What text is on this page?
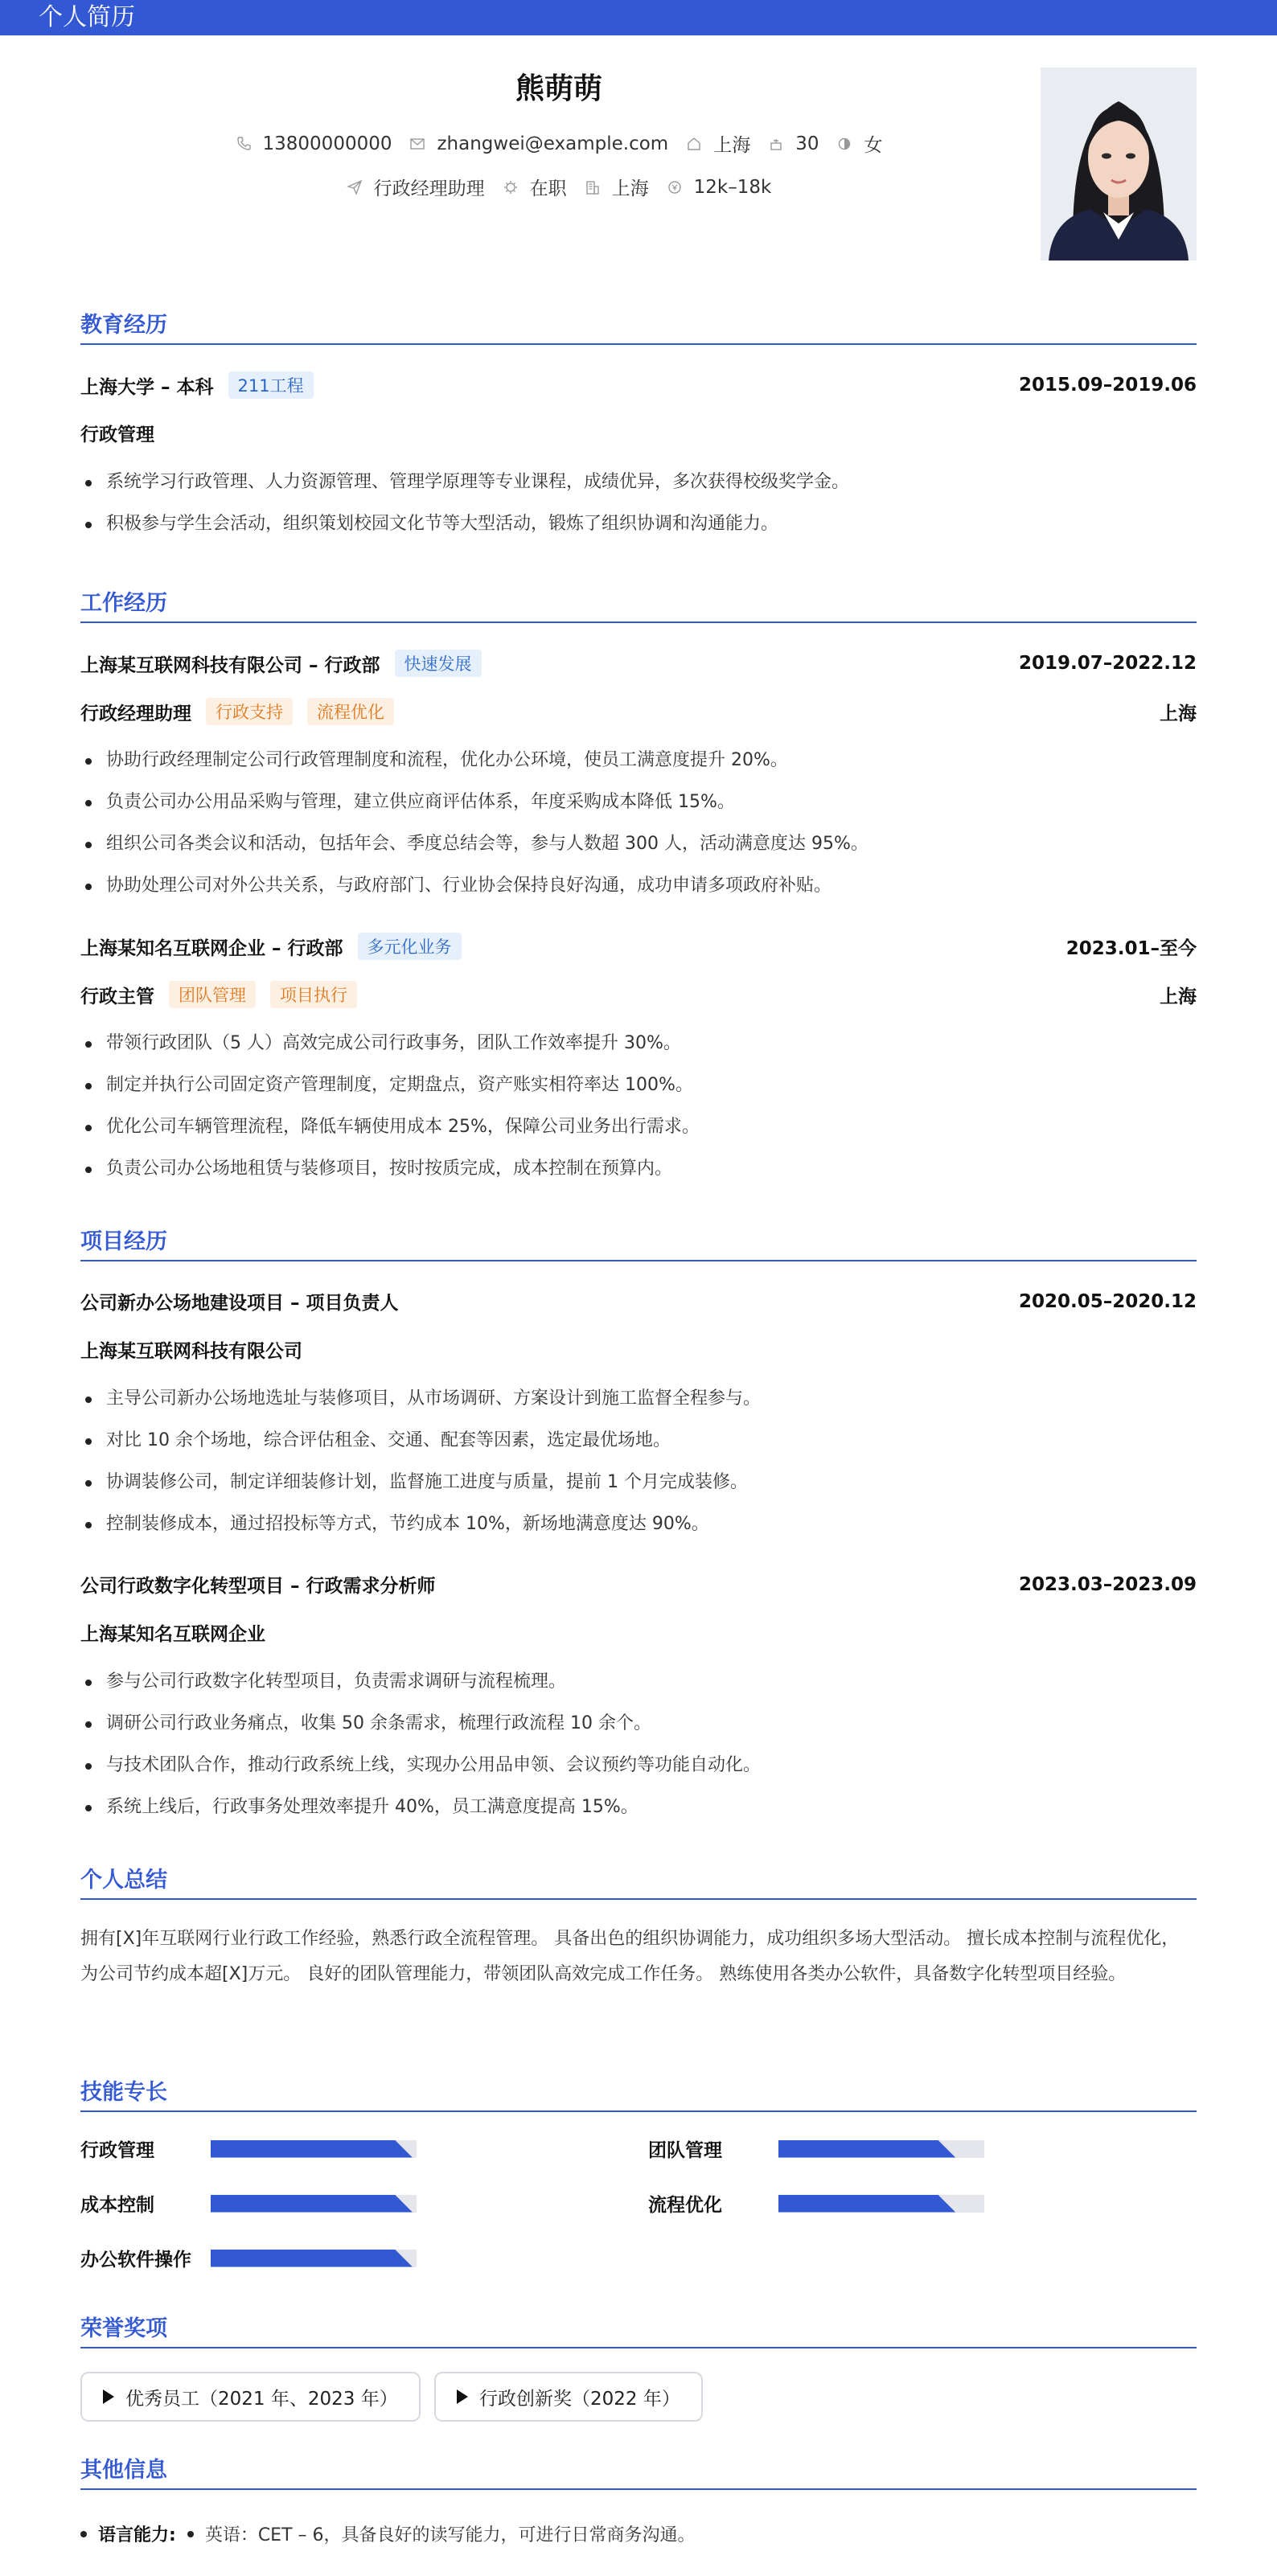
个人简历
熊萌萌
13800000000 zhangwei@example.com 上海 30 女
行政经理助理 在职 上海 12k–18k
教育经历
上海大学 – 本科	211工程	2015.09–2019.06
行政管理
系统学习行政管理、人力资源管理、管理学原理等专业课程，成绩优异，多次获得校级奖学金。
积极参与学生会活动，组织策划校园文化节等大型活动，锻炼了组织协调和沟通能力。
工作经历
上海某互联网科技有限公司 – 行政部	快速发展	2019.07–2022.12
行政经理助理	行政支持	流程优化	上海
协助行政经理制定公司行政管理制度和流程，优化办公环境，使员工满意度提升 20%。
负责公司办公用品采购与管理，建立供应商评估体系，年度采购成本降低 15%。
组织公司各类会议和活动，包括年会、季度总结会等，参与人数超 300 人，活动满意度达 95%。
协助处理公司对外公共关系，与政府部门、行业协会保持良好沟通，成功申请多项政府补贴。
上海某知名互联网企业 – 行政部	多元化业务	2023.01–至今
行政主管	团队管理	项目执行	上海
带领行政团队（5 人）高效完成公司行政事务，团队工作效率提升 30%。
制定并执行公司固定资产管理制度，定期盘点，资产账实相符率达 100%。
优化公司车辆管理流程，降低车辆使用成本 25%，保障公司业务出行需求。
负责公司办公场地租赁与装修项目，按时按质完成，成本控制在预算内。
项目经历
公司新办公场地建设项目 – 项目负责人	2020.05–2020.12
上海某互联网科技有限公司
主导公司新办公场地选址与装修项目，从市场调研、方案设计到施工监督全程参与。
对比 10 余个场地，综合评估租金、交通、配套等因素，选定最优场地。
协调装修公司，制定详细装修计划，监督施工进度与质量，提前 1 个月完成装修。
控制装修成本，通过招投标等方式，节约成本 10%，新场地满意度达 90%。
公司行政数字化转型项目 – 行政需求分析师	2023.03–2023.09
上海某知名互联网企业
参与公司行政数字化转型项目，负责需求调研与流程梳理。
调研公司行政业务痛点，收集 50 余条需求，梳理行政流程 10 余个。
与技术团队合作，推动行政系统上线，实现办公用品申领、会议预约等功能自动化。
系统上线后，行政事务处理效率提升 40%，员工满意度提高 15%。
个人总结
拥有[X]年互联网行业行政工作经验，熟悉行政全流程管理。 具备出色的组织协调能力，成功组织多场大型活动。 擅长成本控制与流程优化，为公司节约成本超[X]万元。 良好的团队管理能力，带领团队高效完成工作任务。 熟练使用各类办公软件，具备数字化转型项目经验。
技能专长
行政管理	团队管理
成本控制	流程优化
办公软件操作
荣誉奖项
优秀员工（2021 年、2023 年）	行政创新奖（2022 年）
其他信息
语言能力: 英语：CET – 6，具备良好的读写能力，可进行日常商务沟通。
